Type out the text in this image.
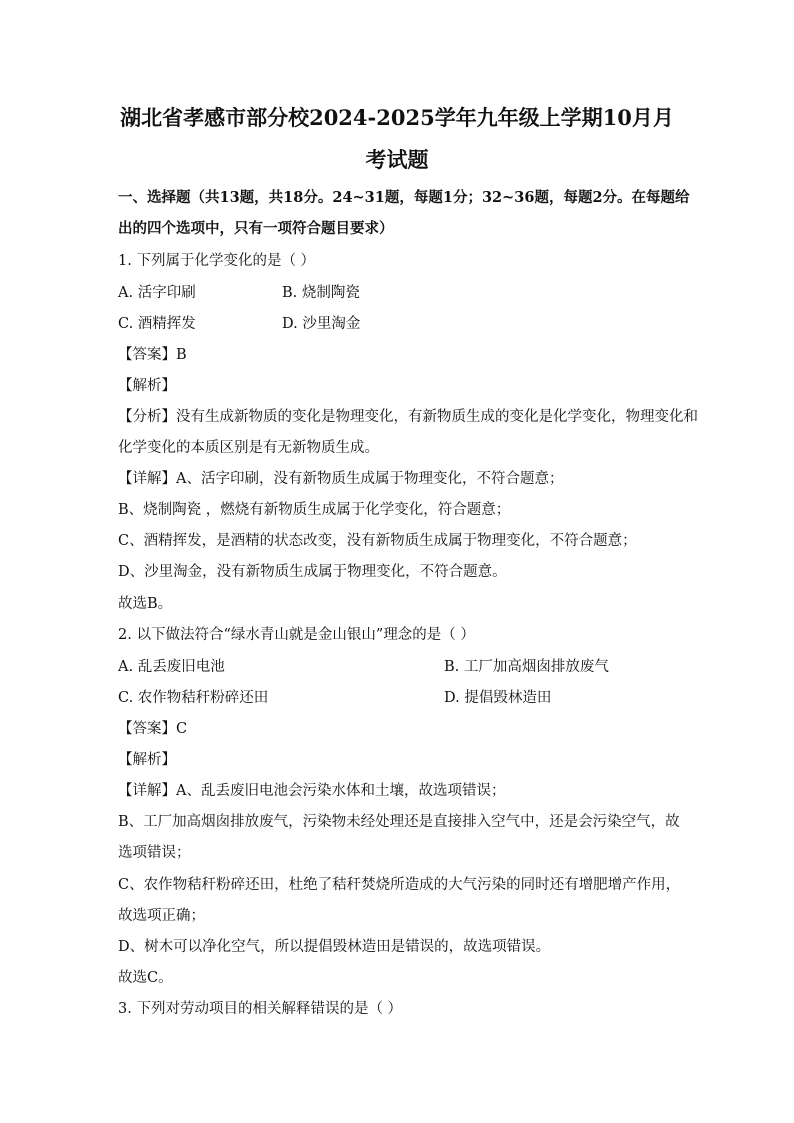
湖北省孝感市部分校2024-2025学年九年级上学期10月月
考试题
一、选择题（共13题，共18分。24~31题，每题1分；32~36题，每题2分。在每题给
出的四个选项中，只有一项符合题目要求）
1. 下列属于化学变化的是（ ）
A. 活字印刷	B. 烧制陶瓷
C. 酒精挥发	D. 沙里淘金
【答案】B
【解析】
【分析】没有生成新物质的变化是物理变化，有新物质生成的变化是化学变化，物理变化和
化学变化的本质区别是有无新物质生成。
【详解】A、活字印刷，没有新物质生成属于物理变化，不符合题意；
B、烧制陶瓷 ，燃烧有新物质生成属于化学变化，符合题意；
C、酒精挥发，是酒精的状态改变，没有新物质生成属于物理变化，不符合题意；
D、沙里淘金，没有新物质生成属于物理变化，不符合题意。
故选B。
2. 以下做法符合“绿水青山就是金山银山”理念的是（ ）
A. 乱丢废旧电池	B. 工厂加高烟囱排放废气
C. 农作物秸秆粉碎还田	D. 提倡毁林造田
【答案】C
【解析】
【详解】A、乱丢废旧电池会污染水体和土壤，故选项错误；
B、工厂加高烟囱排放废气，污染物未经处理还是直接排入空气中，还是会污染空气，故
选项错误；
C、农作物秸秆粉碎还田，杜绝了秸秆焚烧所造成的大气污染的同时还有增肥增产作用，
故选项正确；
D、树木可以净化空气，所以提倡毁林造田是错误的，故选项错误。
故选C。
3. 下列对劳动项目的相关解释错误的是（ ）
